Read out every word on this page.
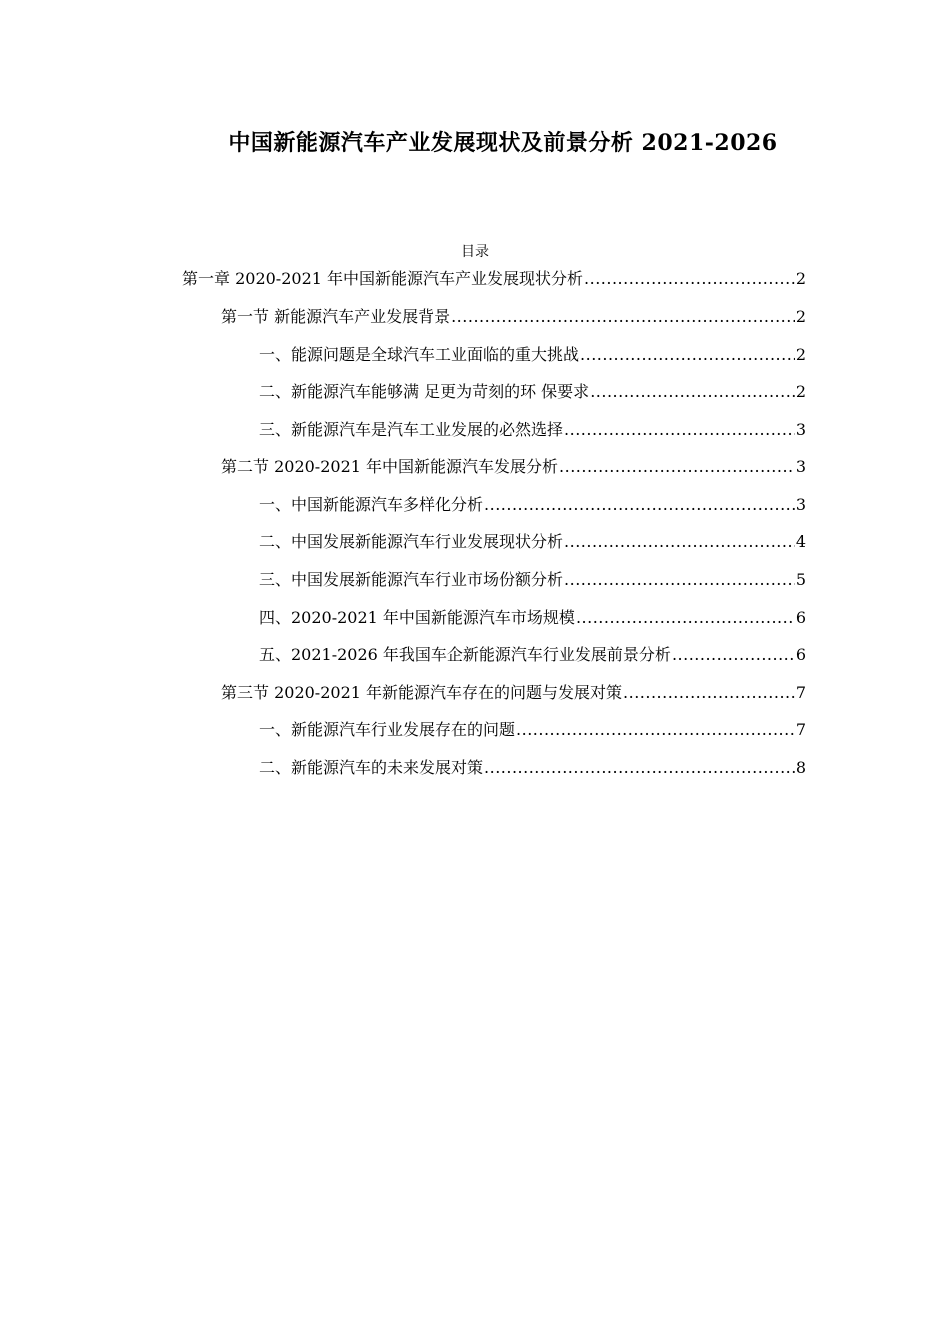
中国新能源汽车产业发展现状及前景分析 2021-2026
目录
第一章 2020-2021 年中国新能源汽车产业发展现状分析 .....	2
第一节 新能源汽车产业发展背景 .....	2
一、能源问题是全球汽车工业面临的重大挑战 .....	2
二、新能源汽车能够满 足更为苛刻的环 保要求 .....	2
三、新能源汽车是汽车工业发展的必然选择 .....	3
第二节 2020-2021 年中国新能源汽车发展分析 .....	3
一、中国新能源汽车多样化分析 .....	3
二、中国发展新能源汽车行业发展现状分析 .....	4
三、中国发展新能源汽车行业市场份额分析 .....	5
四、2020-2021 年中国新能源汽车市场规模 .....	6
五、2021-2026 年我国车企新能源汽车行业发展前景分析 .....	6
第三节 2020-2021 年新能源汽车存在的问题与发展对策 .....	7
一、新能源汽车行业发展存在的问题 .....	7
二、新能源汽车的未来发展对策 .....	8
